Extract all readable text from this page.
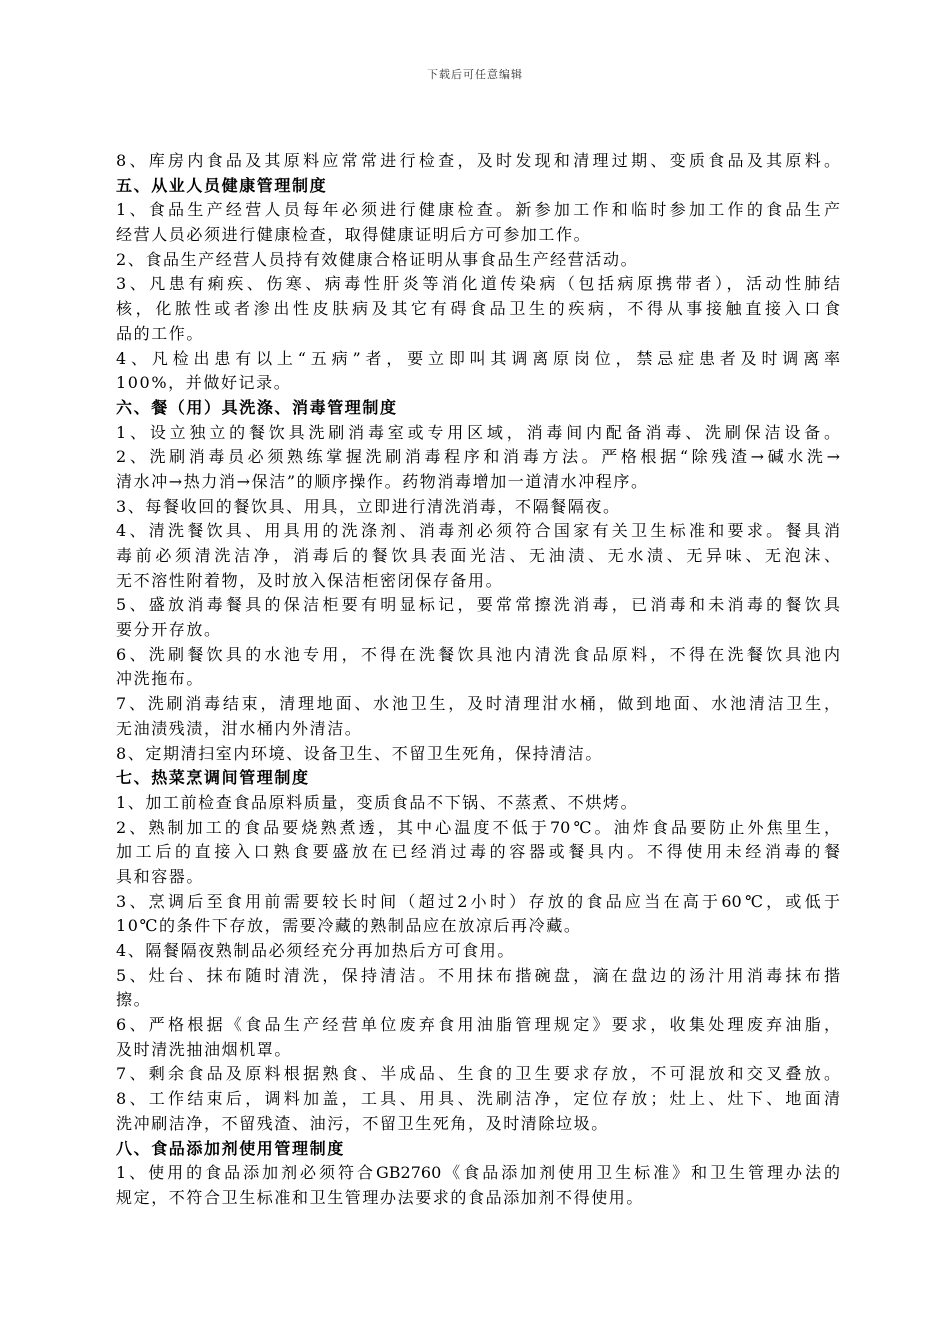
下载后可任意编辑
8、库房内食品及其原料应常常进行检查，及时发现和清理过期、变质食品及其原料。
五、从业人员健康管理制度
1、食品生产经营人员每年必须进行健康检查。新参加工作和临时参加工作的食品生产
经营人员必须进行健康检查，取得健康证明后方可参加工作。
2、食品生产经营人员持有效健康合格证明从事食品生产经营活动。
3、凡患有痢疾、伤寒、病毒性肝炎等消化道传染病（包括病原携带者），活动性肺结
核，化脓性或者渗出性皮肤病及其它有碍食品卫生的疾病，不得从事接触直接入口食
品的工作。
4、凡检出患有以上“五病”者，要立即叫其调离原岗位，禁忌症患者及时调离率
100%，并做好记录。
六、餐（用）具洗涤、消毒管理制度
1、设立独立的餐饮具洗刷消毒室或专用区域，消毒间内配备消毒、洗刷保洁设备。
2、洗刷消毒员必须熟练掌握洗刷消毒程序和消毒方法。严格根据“除残渣→碱水洗→
清水冲→热力消→保洁”的顺序操作。药物消毒增加一道清水冲程序。
3、每餐收回的餐饮具、用具，立即进行清洗消毒，不隔餐隔夜。
4、清洗餐饮具、用具用的洗涤剂、消毒剂必须符合国家有关卫生标准和要求。餐具消
毒前必须清洗洁净，消毒后的餐饮具表面光洁、无油渍、无水渍、无异味、无泡沫、
无不溶性附着物，及时放入保洁柜密闭保存备用。
5、盛放消毒餐具的保洁柜要有明显标记，要常常擦洗消毒，已消毒和未消毒的餐饮具
要分开存放。
6、洗刷餐饮具的水池专用，不得在洗餐饮具池内清洗食品原料，不得在洗餐饮具池内
冲洗拖布。
7、洗刷消毒结束，清理地面、水池卫生，及时清理泔水桶，做到地面、水池清洁卫生，
无油渍残渍，泔水桶内外清洁。
8、定期清扫室内环境、设备卫生、不留卫生死角，保持清洁。
七、热菜烹调间管理制度
1、加工前检查食品原料质量，变质食品不下锅、不蒸煮、不烘烤。
2、熟制加工的食品要烧熟煮透，其中心温度不低于70℃。油炸食品要防止外焦里生，
加工后的直接入口熟食要盛放在已经消过毒的容器或餐具内。不得使用未经消毒的餐
具和容器。
3、烹调后至食用前需要较长时间（超过2小时）存放的食品应当在高于60℃，或低于
10℃的条件下存放，需要冷藏的熟制品应在放凉后再冷藏。
4、隔餐隔夜熟制品必须经充分再加热后方可食用。
5、灶台、抹布随时清洗，保持清洁。不用抹布揩碗盘，滴在盘边的汤汁用消毒抹布揩
擦。
6、严格根据《食品生产经营单位废弃食用油脂管理规定》要求，收集处理废弃油脂，
及时清洗抽油烟机罩。
7、剩余食品及原料根据熟食、半成品、生食的卫生要求存放，不可混放和交叉叠放。
8、工作结束后，调料加盖，工具、用具、洗刷洁净，定位存放；灶上、灶下、地面清
洗冲刷洁净，不留残渣、油污，不留卫生死角，及时清除垃圾。
八、食品添加剂使用管理制度
1、使用的食品添加剂必须符合GB2760《食品添加剂使用卫生标准》和卫生管理办法的
规定，不符合卫生标准和卫生管理办法要求的食品添加剂不得使用。
